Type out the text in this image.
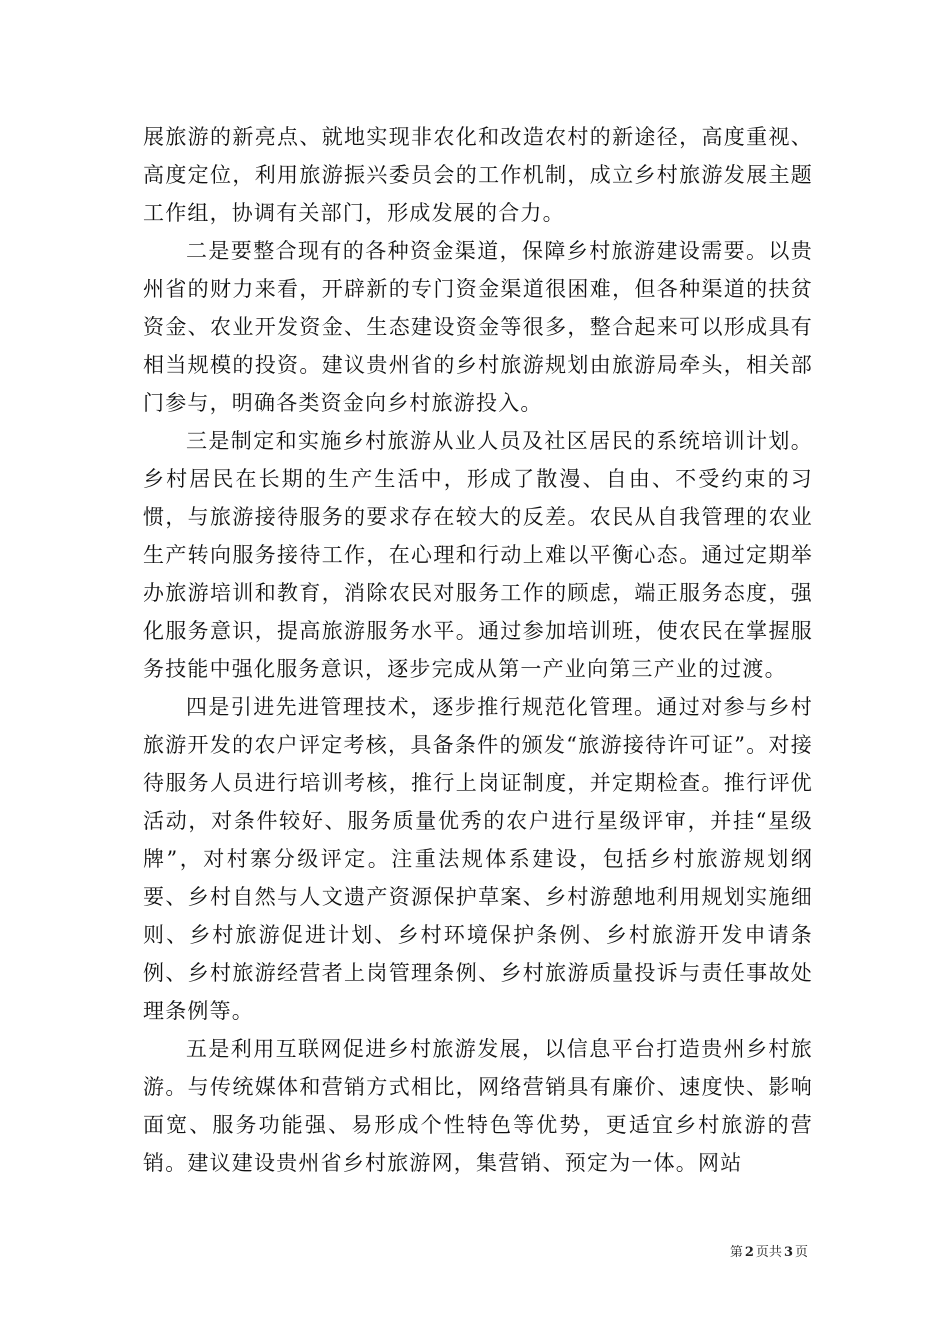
展旅游的新亮点、就地实现非农化和改造农村的新途径，高度重视、高度定位，利用旅游振兴委员会的工作机制，成立乡村旅游发展主题工作组，协调有关部门，形成发展的合力。

二是要整合现有的各种资金渠道，保障乡村旅游建设需要。以贵州省的财力来看，开辟新的专门资金渠道很困难，但各种渠道的扶贫资金、农业开发资金、生态建设资金等很多，整合起来可以形成具有相当规模的投资。建议贵州省的乡村旅游规划由旅游局牵头，相关部门参与，明确各类资金向乡村旅游投入。

三是制定和实施乡村旅游从业人员及社区居民的系统培训计划。乡村居民在长期的生产生活中，形成了散漫、自由、不受约束的习惯，与旅游接待服务的要求存在较大的反差。农民从自我管理的农业生产转向服务接待工作，在心理和行动上难以平衡心态。通过定期举办旅游培训和教育，消除农民对服务工作的顾虑，端正服务态度，强化服务意识，提高旅游服务水平。通过参加培训班，使农民在掌握服务技能中强化服务意识，逐步完成从第一产业向第三产业的过渡。

四是引进先进管理技术，逐步推行规范化管理。通过对参与乡村旅游开发的农户评定考核，具备条件的颁发“旅游接待许可证”。对接待服务人员进行培训考核，推行上岗证制度，并定期检查。推行评优活动，对条件较好、服务质量优秀的农户进行星级评审，并挂“星级牌”，对村寨分级评定。注重法规体系建设，包括乡村旅游规划纲要、乡村自然与人文遗产资源保护草案、乡村游憩地利用规划实施细则、乡村旅游促进计划、乡村环境保护条例、乡村旅游开发申请条例、乡村旅游经营者上岗管理条例、乡村旅游质量投诉与责任事故处理条例等。

五是利用互联网促进乡村旅游发展，以信息平台打造贵州乡村旅游。与传统媒体和营销方式相比，网络营销具有廉价、速度快、影响面宽、服务功能强、易形成个性特色等优势，更适宜乡村旅游的营销。建议建设贵州省乡村旅游网，集营销、预定为一体。网站

第 2 页共 3 页
